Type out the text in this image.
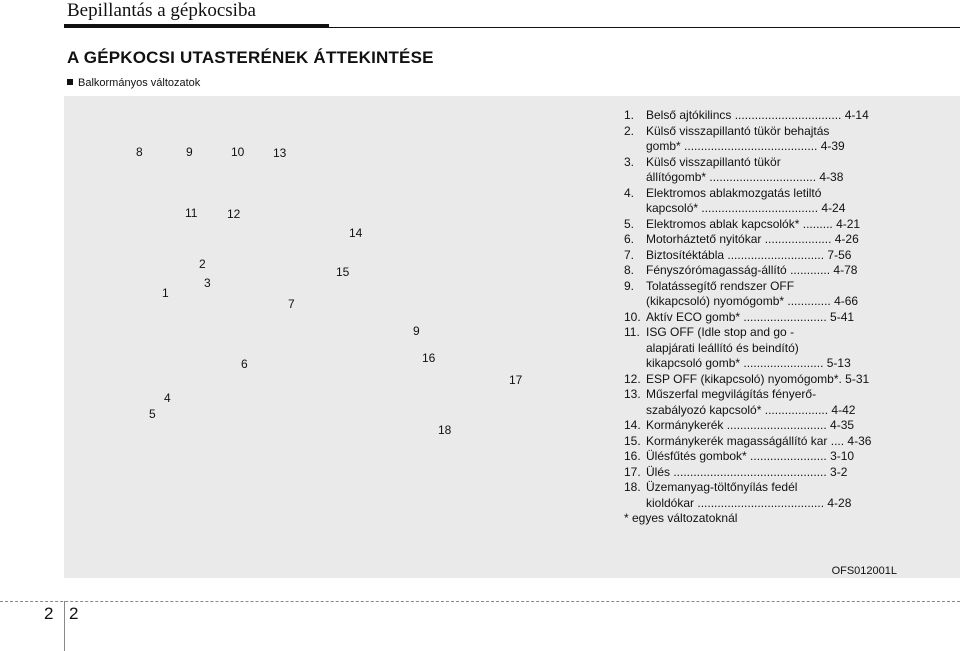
Bepillantás a gépkocsiba
A GÉPKOCSI UTASTERÉNEK ÁTTEKINTÉSE
Balkormányos változatok
8	9	10 13
11 12
14
2
15
3
1
7
9
6	16
17
4
5
18
1. Belső ajtókilincs ................................ 4-14
2. Külső visszapillantó tükör behajtás
gomb* ........................................ 4-39
3. Külső visszapillantó tükör
állítógomb* ................................ 4-38
4. Elektromos ablakmozgatás letiltó
kapcsoló* ................................... 4-24
5. Elektromos ablak kapcsolók* ......... 4-21
6. Motorháztető nyitókar .................... 4-26
7. Biztosítéktábla ............................. 7-56
8. Fényszórómagasság-állító ............ 4-78
9. Tolatássegítő rendszer OFF
(kikapcsoló) nyomógomb* ............. 4-66
10. Aktív ECO gomb* ......................... 5-41
11. ISG OFF (Idle stop and go -
alapjárati leállító és beindító)
kikapcsoló gomb* ........................ 5-13
12. ESP OFF (kikapcsoló) nyomógomb*. 5-31
13. Műszerfal megvilágítás fényerő-
szabályozó kapcsoló* ................... 4-42
14. Kormánykerék .............................. 4-35
15. Kormánykerék magasságállító kar .... 4-36
16. Ülésfűtés gombok* ....................... 3-10
17. Ülés .............................................. 3-2
18. Üzemanyag-töltőnyílás fedél
kioldókar ...................................... 4-28
* egyes változatoknál
OFS012001L
2 2
